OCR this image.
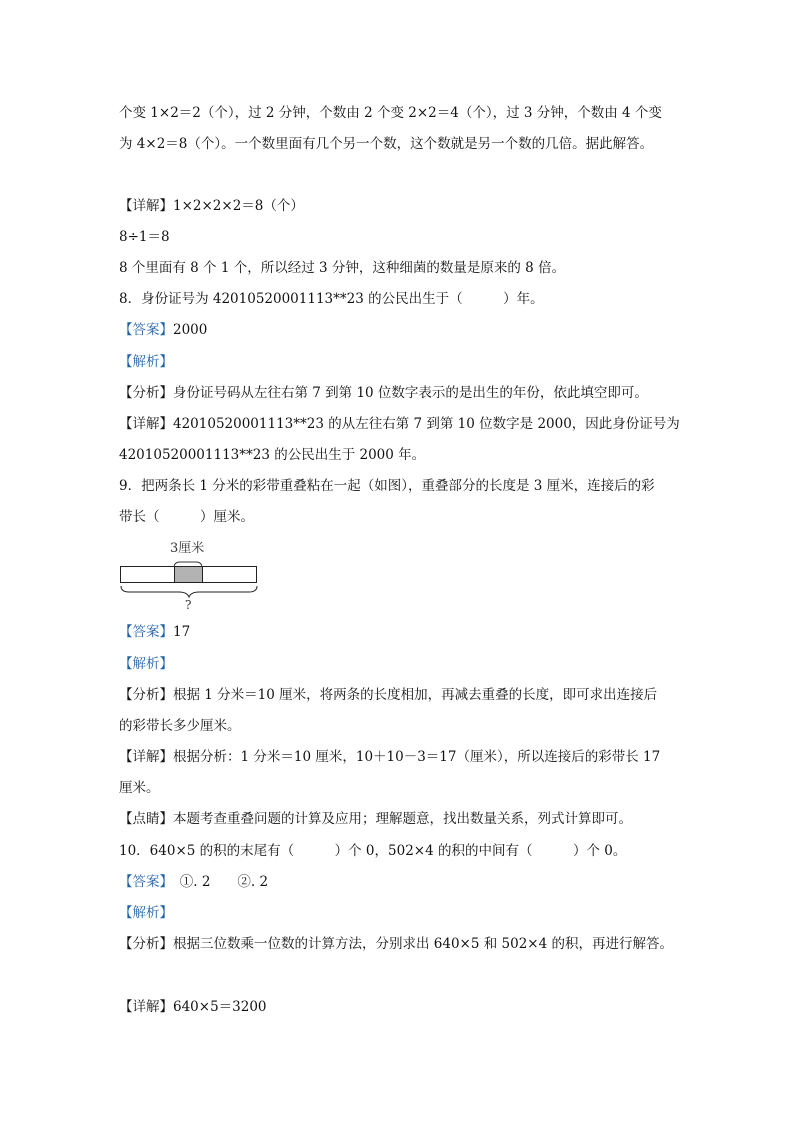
个变 1×2＝2（个），过 2 分钟，个数由 2 个变 2×2＝4（个），过 3 分钟，个数由 4 个变
为 4×2＝8（个）。一个数里面有几个另一个数，这个数就是另一个数的几倍。据此解答。
【详解】1×2×2×2＝8（个）
8÷1＝8
8 个里面有 8 个 1 个，所以经过 3 分钟，这种细菌的数量是原来的 8 倍。
8．身份证号为 42010520001113**23 的公民出生于（　　　）年。
【答案】2000
【解析】
【分析】身份证号码从左往右第 7 到第 10 位数字表示的是出生的年份，依此填空即可。
【详解】42010520001113**23 的从左往右第 7 到第 10 位数字是 2000，因此身份证号为
42010520001113**23 的公民出生于 2000 年。
9．把两条长 1 分米的彩带重叠粘在一起（如图），重叠部分的长度是 3 厘米，连接后的彩
带长（　　　）厘米。
3厘米
?
【答案】17
【解析】
【分析】根据 1 分米＝10 厘米，将两条的长度相加，再减去重叠的长度，即可求出连接后
的彩带长多少厘米。
【详解】根据分析：1 分米＝10 厘米，10＋10－3＝17（厘米），所以连接后的彩带长 17
厘米。
【点睛】本题考查重叠问题的计算及应用；理解题意，找出数量关系，列式计算即可。
10．640×5 的积的末尾有（　　　）个 0，502×4 的积的中间有（　　　）个 0。
【答案】　①. 2　　②. 2
【解析】
【分析】根据三位数乘一位数的计算方法，分别求出 640×5 和 502×4 的积，再进行解答。
【详解】640×5＝3200
